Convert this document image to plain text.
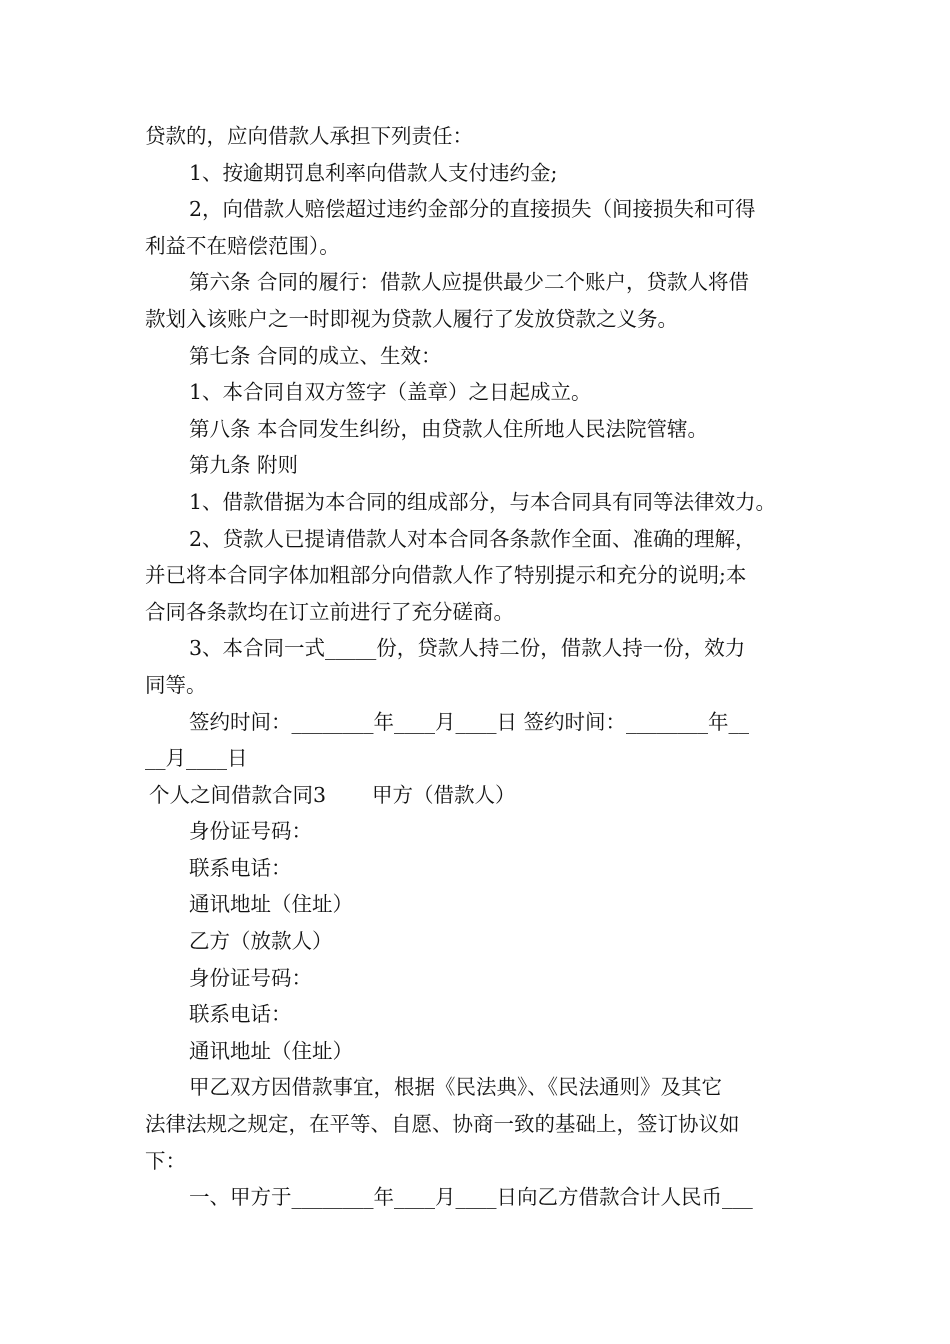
贷款的，应向借款人承担下列责任：
1、按逾期罚息利率向借款人支付违约金;
2，向借款人赔偿超过违约金部分的直接损失（间接损失和可得
利益不在赔偿范围）。
第六条 合同的履行：借款人应提供最少二个账户，贷款人将借
款划入该账户之一时即视为贷款人履行了发放贷款之义务。
第七条 合同的成立、生效：
1、本合同自双方签字（盖章）之日起成立。
第八条 本合同发生纠纷，由贷款人住所地人民法院管辖。
第九条 附则
1、借款借据为本合同的组成部分，与本合同具有同等法律效力。
2、贷款人已提请借款人对本合同各条款作全面、准确的理解，
并已将本合同字体加粗部分向借款人作了特别提示和充分的说明;本
合同各条款均在订立前进行了充分磋商。
3、本合同一式_____份，贷款人持二份，借款人持一份，效力
同等。
签约时间：________年____月____日 签约时间：________年__
__月____日
个人之间借款合同3 甲方（借款人）
身份证号码：
联系电话：
通讯地址（住址）
乙方（放款人）
身份证号码：
联系电话：
通讯地址（住址）
甲乙双方因借款事宜，根据《民法典》、《民法通则》及其它
法律法规之规定，在平等、自愿、协商一致的基础上，签订协议如
下：
一、甲方于________年____月____日向乙方借款合计人民币___
